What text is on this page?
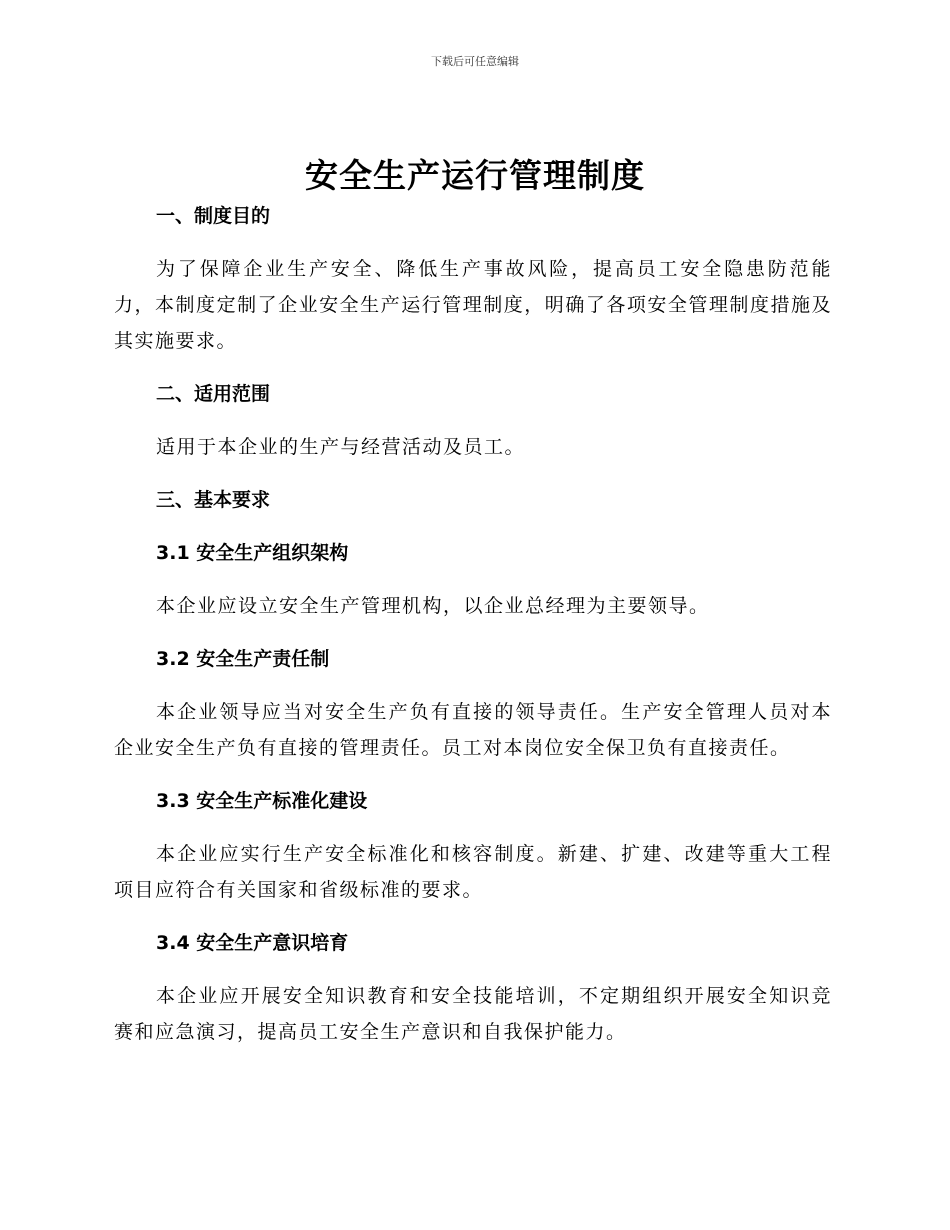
下载后可任意编辑
安全生产运行管理制度

一、制度目的

为了保障企业生产安全、降低生产事故风险，提高员工安全隐患防范能力，本制度定制了企业安全生产运行管理制度，明确了各项安全管理制度措施及其实施要求。

二、适用范围

适用于本企业的生产与经营活动及员工。

三、基本要求

3.1 安全生产组织架构

本企业应设立安全生产管理机构，以企业总经理为主要领导。

3.2 安全生产责任制

本企业领导应当对安全生产负有直接的领导责任。生产安全管理人员对本企业安全生产负有直接的管理责任。员工对本岗位安全保卫负有直接责任。

3.3 安全生产标准化建设

本企业应实行生产安全标准化和核容制度。新建、扩建、改建等重大工程项目应符合有关国家和省级标准的要求。

3.4 安全生产意识培育

本企业应开展安全知识教育和安全技能培训，不定期组织开展安全知识竞赛和应急演习，提高员工安全生产意识和自我保护能力。
